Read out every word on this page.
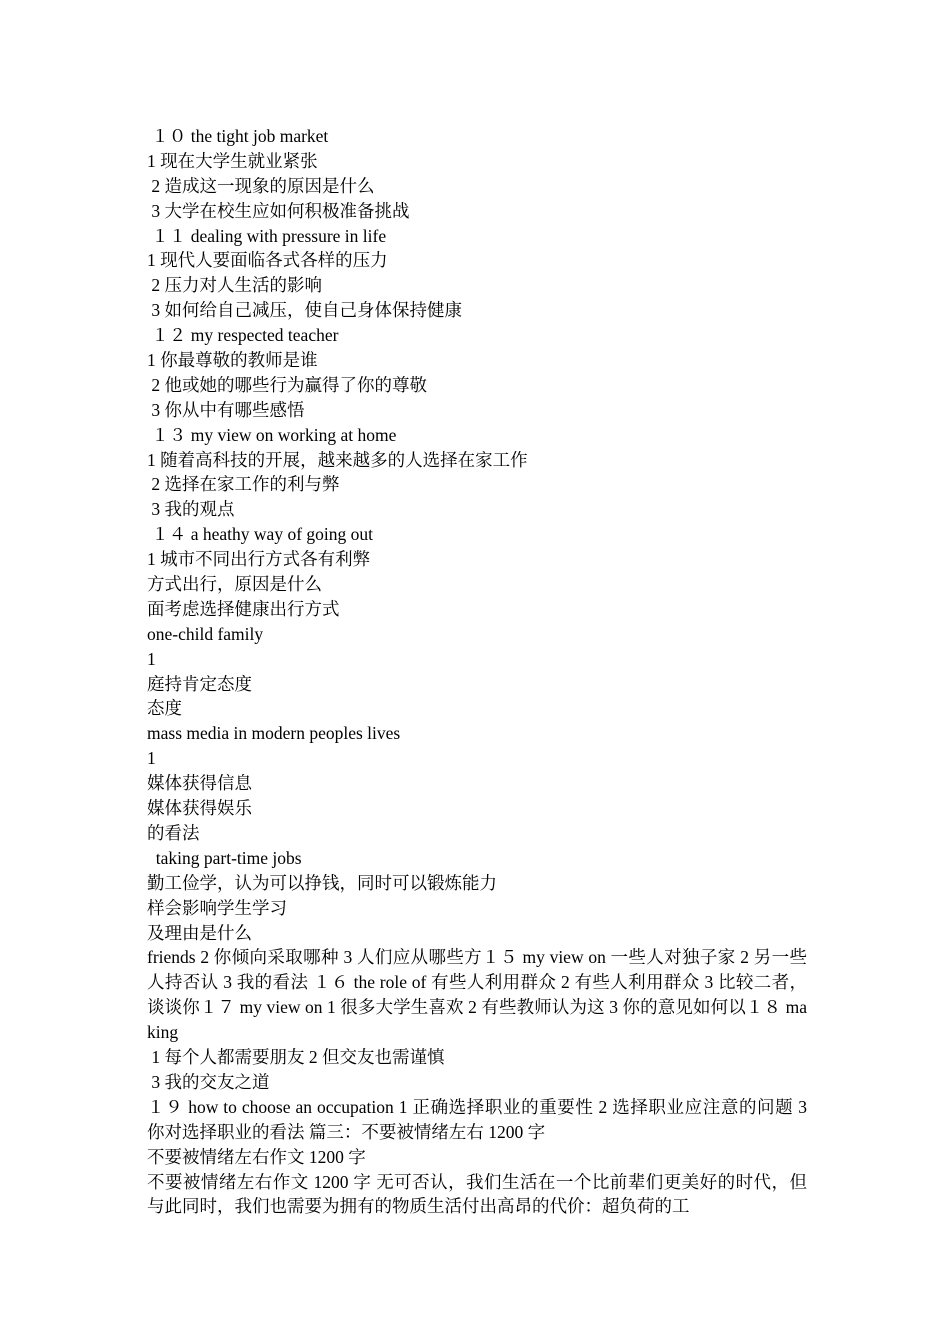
１０ the tight job market
1 现在大学生就业紧张
2 造成这一现象的原因是什么
3 大学在校生应如何积极准备挑战
１１ dealing with pressure in life
1 现代人要面临各式各样的压力
2 压力对人生活的影响
3 如何给自己减压，使自己身体保持健康
１２ my respected teacher
1 你最尊敬的教师是谁
2 他或她的哪些行为赢得了你的尊敬
3 你从中有哪些感悟
１３ my view on working at home
1 随着高科技的开展，越来越多的人选择在家工作
2 选择在家工作的利与弊
3 我的观点
１４ a heathy way of going out
1 城市不同出行方式各有利弊
方式出行，原因是什么
面考虑选择健康出行方式
one-child family
1
庭持肯定态度
态度
mass media in modern peoples lives
1
媒体获得信息
媒体获得娱乐
的看法
taking part-time jobs
勤工俭学，认为可以挣钱，同时可以锻炼能力
样会影响学生学习
及理由是什么
friends 2 你倾向采取哪种 3 人们应从哪些方１５ my view on 一些人对独子家 2 另一些人持否认 3 我的看法 １６ the role of 有些人利用群众 2 有些人利用群众 3 比较二者，谈谈你１７ my view on 1 很多大学生喜欢 2 有些教师认为这 3 你的意见如何以１８ making
1 每个人都需要朋友 2 但交友也需谨慎
3 我的交友之道
１９ how to choose an occupation 1 正确选择职业的重要性 2 选择职业应注意的问题 3 你对选择职业的看法 篇三：不要被情绪左右 1200 字
不要被情绪左右作文 1200 字
不要被情绪左右作文 1200 字 无可否认，我们生活在一个比前辈们更美好的时代，但与此同时，我们也需要为拥有的物质生活付出高昂的代价：超负荷的工
